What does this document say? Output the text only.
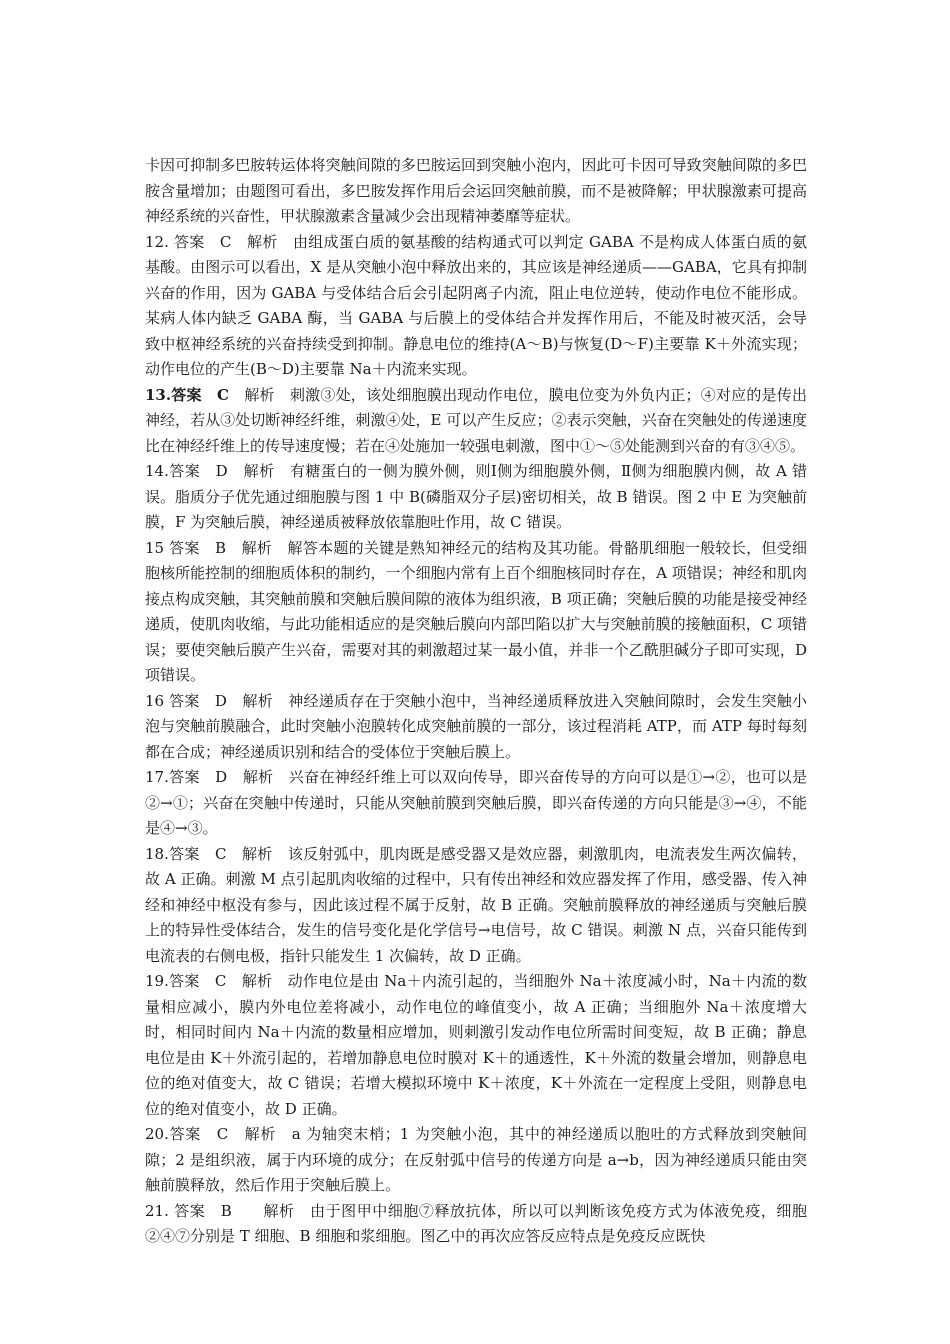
卡因可抑制多巴胺转运体将突触间隙的多巴胺运回到突触小泡内，因此可卡因可导致突触间隙的多巴胺含量增加；由题图可看出，多巴胺发挥作用后会运回突触前膜，而不是被降解；甲状腺激素可提高神经系统的兴奋性，甲状腺激素含量减少会出现精神萎靡等症状。

12. 答案　C　解析　由组成蛋白质的氨基酸的结构通式可以判定 GABA 不是构成人体蛋白质的氨基酸。由图示可以看出，X 是从突触小泡中释放出来的，其应该是神经递质——GABA，它具有抑制兴奋的作用，因为 GABA 与受体结合后会引起阴离子内流，阻止电位逆转，使动作电位不能形成。某病人体内缺乏 GABA 酶，当 GABA 与后膜上的受体结合并发挥作用后，不能及时被灭活，会导致中枢神经系统的兴奋持续受到抑制。静息电位的维持(A～B)与恢复(D～F)主要靠 K＋外流实现；动作电位的产生(B～D)主要靠 Na＋内流来实现。

13.答案　C　解析　刺激③处，该处细胞膜出现动作电位，膜电位变为外负内正；④对应的是传出神经，若从③处切断神经纤维，刺激④处，E 可以产生反应；②表示突触，兴奋在突触处的传递速度比在神经纤维上的传导速度慢；若在④处施加一较强电刺激，图中①～⑤处能测到兴奋的有③④⑤。

14.答案　D　解析　有糖蛋白的一侧为膜外侧，则Ⅰ侧为细胞膜外侧，Ⅱ侧为细胞膜内侧，故 A 错误。脂质分子优先通过细胞膜与图 1 中 B(磷脂双分子层)密切相关，故 B 错误。图 2 中 E 为突触前膜，F 为突触后膜，神经递质被释放依靠胞吐作用，故 C 错误。

15 答案　B　解析　解答本题的关键是熟知神经元的结构及其功能。骨骼肌细胞一般较长，但受细胞核所能控制的细胞质体积的制约，一个细胞内常有上百个细胞核同时存在，A 项错误；神经和肌肉接点构成突触，其突触前膜和突触后膜间隙的液体为组织液，B 项正确；突触后膜的功能是接受神经递质，使肌肉收缩，与此功能相适应的是突触后膜向内部凹陷以扩大与突触前膜的接触面积，C 项错误；要使突触后膜产生兴奋，需要对其的刺激超过某一最小值，并非一个乙酰胆碱分子即可实现，D 项错误。

16 答案　D　解析　神经递质存在于突触小泡中，当神经递质释放进入突触间隙时，会发生突触小泡与突触前膜融合，此时突触小泡膜转化成突触前膜的一部分，该过程消耗 ATP，而 ATP 每时每刻都在合成；神经递质识别和结合的受体位于突触后膜上。

17.答案　D　解析　兴奋在神经纤维上可以双向传导，即兴奋传导的方向可以是①→②，也可以是②→①；兴奋在突触中传递时，只能从突触前膜到突触后膜，即兴奋传递的方向只能是③→④，不能是④→③。

18.答案　C　解析　该反射弧中，肌肉既是感受器又是效应器，刺激肌肉，电流表发生两次偏转，故 A 正确。刺激 M 点引起肌肉收缩的过程中，只有传出神经和效应器发挥了作用，感受器、传入神经和神经中枢没有参与，因此该过程不属于反射，故 B 正确。突触前膜释放的神经递质与突触后膜上的特异性受体结合，发生的信号变化是化学信号→电信号，故 C 错误。刺激 N 点，兴奋只能传到电流表的右侧电极，指针只能发生 1 次偏转，故 D 正确。

19.答案　C　解析　动作电位是由 Na＋内流引起的，当细胞外 Na＋浓度减小时，Na＋内流的数量相应减小，膜内外电位差将减小，动作电位的峰值变小，故 A 正确；当细胞外 Na＋浓度增大时，相同时间内 Na＋内流的数量相应增加，则刺激引发动作电位所需时间变短，故 B 正确；静息电位是由 K＋外流引起的，若增加静息电位时膜对 K＋的通透性，K＋外流的数量会增加，则静息电位的绝对值变大，故 C 错误；若增大模拟环境中 K＋浓度，K＋外流在一定程度上受阻，则静息电位的绝对值变小，故 D 正确。

20.答案　C　解析　a 为轴突末梢；1 为突触小泡，其中的神经递质以胞吐的方式释放到突触间隙；2 是组织液，属于内环境的成分；在反射弧中信号的传递方向是 a→b，因为神经递质只能由突触前膜释放，然后作用于突触后膜上。

21. 答案　B　　解析　由于图甲中细胞⑦释放抗体，所以可以判断该免疫方式为体液免疫，细胞②④⑦分别是 T 细胞、B 细胞和浆细胞。图乙中的再次应答反应特点是免疫反应既快
